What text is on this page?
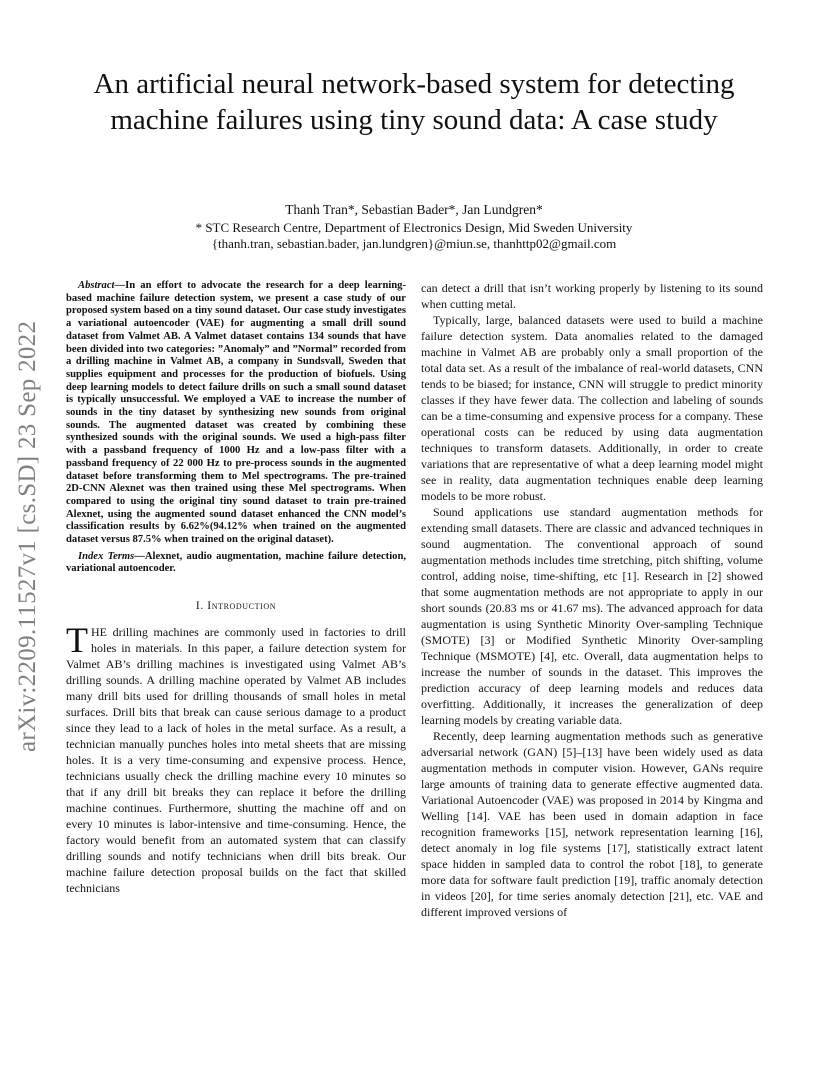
arXiv:2209.11527v1 [cs.SD] 23 Sep 2022
An artificial neural network-based system for detecting machine failures using tiny sound data: A case study
Thanh Tran*, Sebastian Bader*, Jan Lundgren*
* STC Research Centre, Department of Electronics Design, Mid Sweden University
{thanh.tran, sebastian.bader, jan.lundgren}@miun.se, thanhttp02@gmail.com

Abstract—In an effort to advocate the research for a deep learning-based machine failure detection system, we present a case study of our proposed system based on a tiny sound dataset. Our case study investigates a variational autoencoder (VAE) for augmenting a small drill sound dataset from Valmet AB. A Valmet dataset contains 134 sounds that have been divided into two categories: ”Anomaly” and ”Normal” recorded from a drilling machine in Valmet AB, a company in Sundsvall, Sweden that supplies equipment and processes for the production of biofuels. Using deep learning models to detect failure drills on such a small sound dataset is typically unsuccessful. We employed a VAE to increase the number of sounds in the tiny dataset by synthesizing new sounds from original sounds. The augmented dataset was created by combining these synthesized sounds with the original sounds. We used a high-pass filter with a passband frequency of 1000 Hz and a low-pass filter with a passband frequency of 22 000 Hz to pre-process sounds in the augmented dataset before transforming them to Mel spectrograms. The pre-trained 2D-CNN Alexnet was then trained using these Mel spectrograms. When compared to using the original tiny sound dataset to train pre-trained Alexnet, using the augmented sound dataset enhanced the CNN model’s classification results by 6.62%(94.12% when trained on the augmented dataset versus 87.5% when trained on the original dataset).

Index Terms—Alexnet, audio augmentation, machine failure detection, variational autoencoder.

I. Introduction

THE drilling machines are commonly used in factories to drill holes in materials. In this paper, a failure detection system for Valmet AB’s drilling machines is investigated using Valmet AB’s drilling sounds. A drilling machine operated by Valmet AB includes many drill bits used for drilling thousands of small holes in metal surfaces. Drill bits that break can cause serious damage to a product since they lead to a lack of holes in the metal surface. As a result, a technician manually punches holes into metal sheets that are missing holes. It is a very time-consuming and expensive process. Hence, technicians usually check the drilling machine every 10 minutes so that if any drill bit breaks they can replace it before the drilling machine continues. Furthermore, shutting the machine off and on every 10 minutes is labor-intensive and time-consuming. Hence, the factory would benefit from an automated system that can classify drilling sounds and notify technicians when drill bits break. Our machine failure detection proposal builds on the fact that skilled technicians

can detect a drill that isn’t working properly by listening to its sound when cutting metal.

Typically, large, balanced datasets were used to build a machine failure detection system. Data anomalies related to the damaged machine in Valmet AB are probably only a small proportion of the total data set. As a result of the imbalance of real-world datasets, CNN tends to be biased; for instance, CNN will struggle to predict minority classes if they have fewer data. The collection and labeling of sounds can be a time-consuming and expensive process for a company. These operational costs can be reduced by using data augmentation techniques to transform datasets. Additionally, in order to create variations that are representative of what a deep learning model might see in reality, data augmentation techniques enable deep learning models to be more robust.

Sound applications use standard augmentation methods for extending small datasets. There are classic and advanced techniques in sound augmentation. The conventional approach of sound augmentation methods includes time stretching, pitch shifting, volume control, adding noise, time-shifting, etc [1]. Research in [2] showed that some augmentation methods are not appropriate to apply in our short sounds (20.83 ms or 41.67 ms). The advanced approach for data augmentation is using Synthetic Minority Over-sampling Technique (SMOTE) [3] or Modified Synthetic Minority Over-sampling Technique (MSMOTE) [4], etc. Overall, data augmentation helps to increase the number of sounds in the dataset. This improves the prediction accuracy of deep learning models and reduces data overfitting. Additionally, it increases the generalization of deep learning models by creating variable data.

Recently, deep learning augmentation methods such as generative adversarial network (GAN) [5]–[13] have been widely used as data augmentation methods in computer vision. However, GANs require large amounts of training data to generate effective augmented data. Variational Autoencoder (VAE) was proposed in 2014 by Kingma and Welling [14]. VAE has been used in domain adaption in face recognition frameworks [15], network representation learning [16], detect anomaly in log file systems [17], statistically extract latent space hidden in sampled data to control the robot [18], to generate more data for software fault prediction [19], traffic anomaly detection in videos [20], for time series anomaly detection [21], etc. VAE and different improved versions of
